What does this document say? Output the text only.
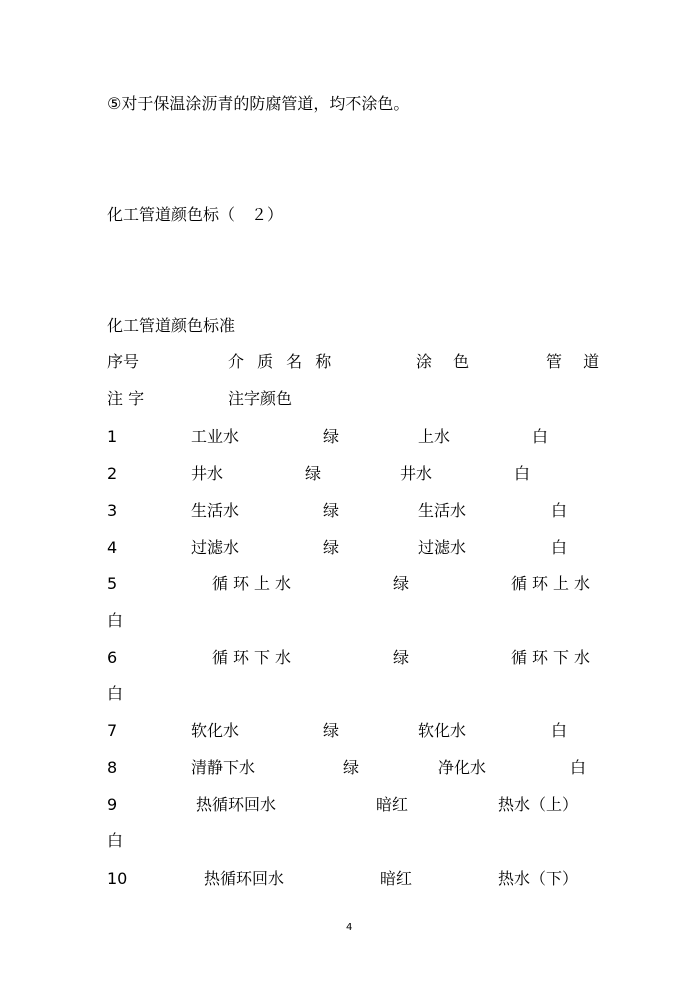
⑤对于保温涂沥青的防腐管道，均不涂色。
化工管道颜色标（　２）
化工管道颜色标准
序号	介 质 名 称	涂 色	管 道
注 字	注字颜色
1	工业水	绿	上水	白
2	井水	绿	井水	白
3	生活水	绿	生活水	白
4	过滤水	绿	过滤水	白
5	循环上水	绿	循环上水
白
6	循环下水	绿	循环下水
白
7	软化水	绿	软化水	白
8	清静下水	绿	净化水	白
9	热循环回水	暗红	热水（上）
白
10	热循环回水	暗红	热水（下）
4
